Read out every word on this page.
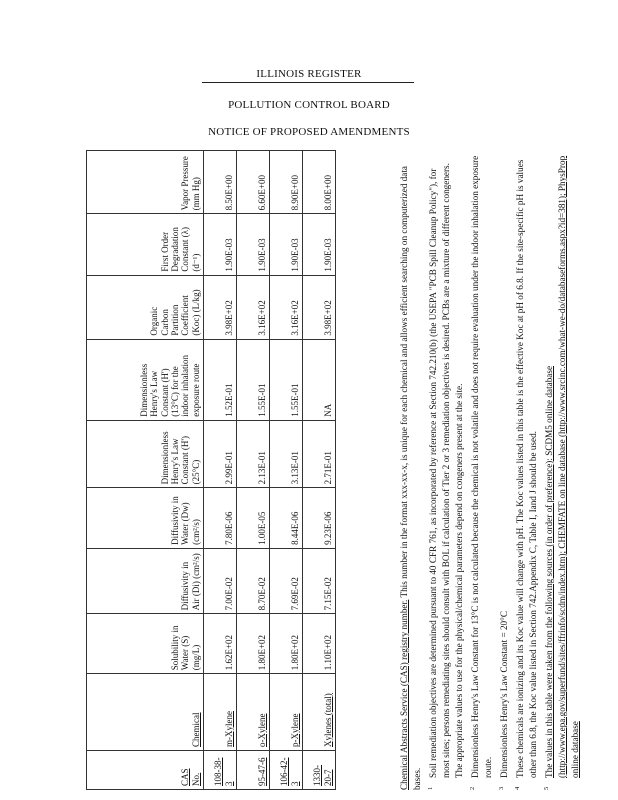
ILLINOIS REGISTER
POLLUTION CONTROL BOARD
NOTICE OF PROPOSED AMENDMENTS
CAS No.	Chemical	Solubility in Water (S) (mg/L)	Diffusivity in Air (Di) (cm²/s)	Diffusivity in Water (Dw) (cm²/s)	Dimensionless Henry's Law Constant (H') (25°C)	Dimensionless Henry's Law Constant (H') (13°C) for the indoor inhalation exposure route	Organic Carbon Partition Coefficient (Koc) (L/kg)	First Order Degradation Constant (λ) (d⁻¹)	Vapor Pressure (mm Hg)
108-38-3	m-Xylene	1.62E+02	7.00E-02	7.80E-06	2.99E-01	1.52E-01	3.98E+02	1.90E-03	8.50E+00
95-47-6	o-Xylene	1.80E+02	8.70E-02	1.00E-05	2.13E-01	1.55E-01	3.16E+02	1.90E-03	6.60E+00
106-42-3	p-Xylene	1.80E+02	7.69E-02	8.44E-06	3.13E-01	1.55E-01	3.16E+02	1.90E-03	8.90E+00
1330-20-7	Xylenes (total)	1.10E+02	7.15E-02	9.23E-06	2.71E-01	NA	3.98E+02	1.90E-03	8.00E+00

Chemical Abstracts Service (CAS) registry number. This number in the format xxx-xx-x, is unique for each chemical and allows efficient searching on computerized data bases. $^1$

Soil remediation objectives are determined pursuant to 40 CFR 761, as incorporated by reference at Section 742.210(b) (the USEPA "PCB Spill Cleanup Policy"), for most sites; persons remediating sites should consult with BOL if calculation of Tier 2 or 3 remediation objectives is desired. PCBs are a mixture of different congeners. The appropriate values to use for the physical/chemical parameters depend on congeners present at the site.

$^2$

Dimensionless Henry's Law Constant for 13°C is not calculated because the chemical is not volatile and does not require evaluation under the indoor inhalation exposure route.

$^3$

Dimensionless Henry's Law Constant = 20°C

$^4$

These chemicals are ionizing and its Koc value will change with pH. The Koc values listed in this table is the effective Koc at pH of 6.8. If the site-specific pH is values other than 6.8, the Koc value listed in Section 742.Appendix C, Table I, Iand J should be used.

$^5$

The values in this table were taken from the following sources (in order of preference): SCDM5 online database (http://www.epa.gov/superfund/sites/ffrinfo/scdm/index.htm); CHEMFATE on line database (http://www.srcinc.com/what-we-do/databaseforms.aspx?id=381); PhysProp online database
